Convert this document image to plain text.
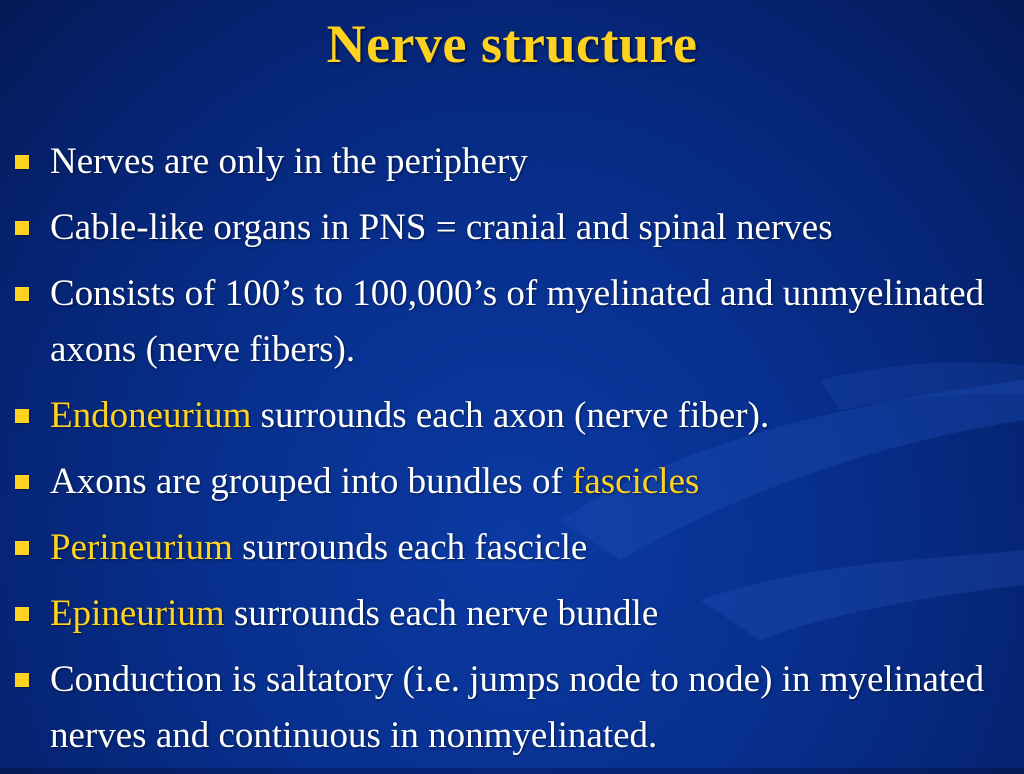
Nerve structure
Nerves are only in the periphery
Cable-like organs in PNS = cranial and spinal nerves
Consists of 100’s to 100,000’s of myelinated and unmyelinated axons (nerve fibers).
Endoneurium surrounds each axon (nerve fiber).
Axons are grouped into bundles of fascicles
Perineurium surrounds each fascicle
Epineurium surrounds each nerve bundle
Conduction is saltatory (i.e. jumps node to node) in myelinated nerves and continuous in nonmyelinated.
